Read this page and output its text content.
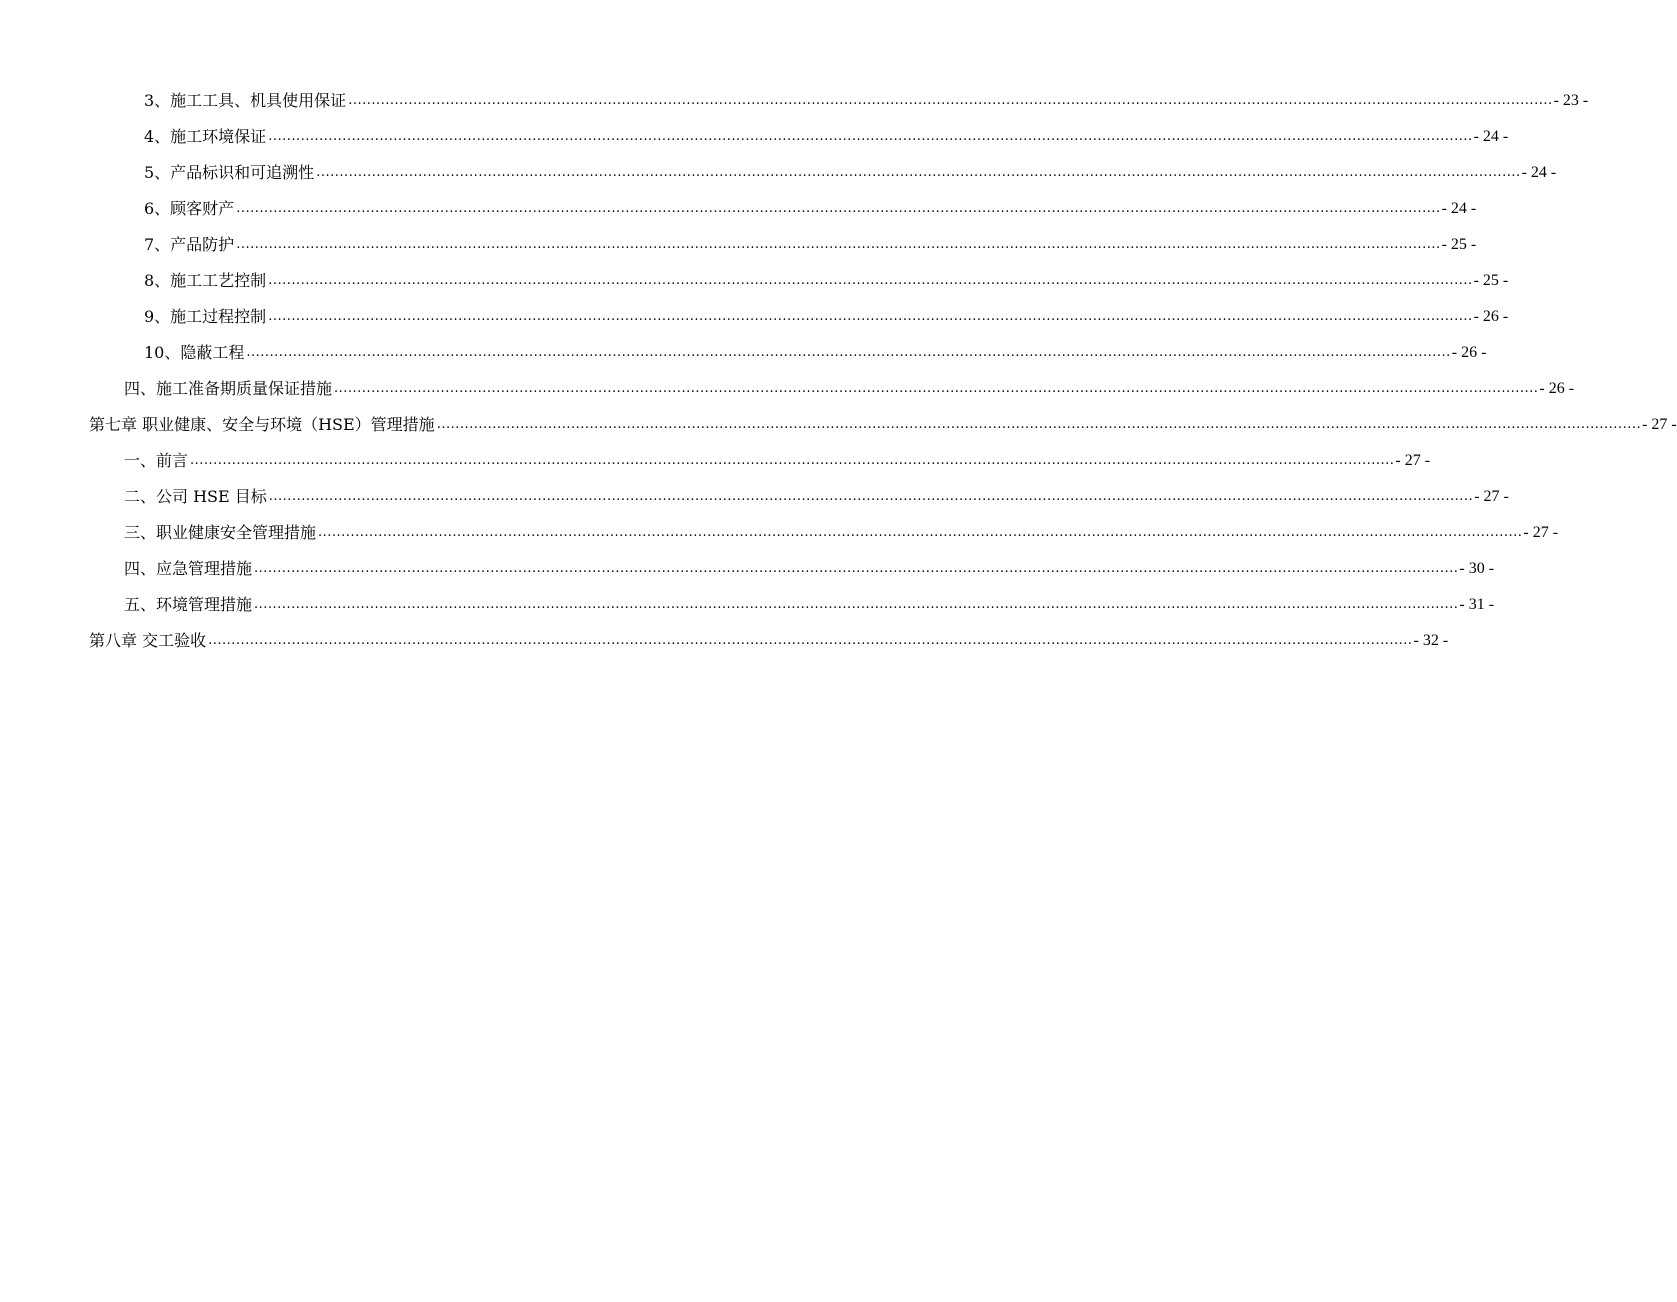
3、施工工具、机具使用保证 .................................................................................................................................................................................................................................................................... - 23 -
4、施工环境保证 .................................................................................................................................................................................................................................................................... - 24 -
5、产品标识和可追溯性 .................................................................................................................................................................................................................................................................... - 24 -
6、顾客财产 .................................................................................................................................................................................................................................................................... - 24 -
7、产品防护 .................................................................................................................................................................................................................................................................... - 25 -
8、施工工艺控制 .................................................................................................................................................................................................................................................................... - 25 -
9、施工过程控制 .................................................................................................................................................................................................................................................................... - 26 -
10、隐蔽工程 .................................................................................................................................................................................................................................................................... - 26 -
四、施工准备期质量保证措施 .................................................................................................................................................................................................................................................................... - 26 -
第七章 职业健康、安全与环境（HSE）管理措施 .................................................................................................................................................................................................................................................................... - 27 -
一、前言 .................................................................................................................................................................................................................................................................... - 27 -
二、公司 HSE 目标 .................................................................................................................................................................................................................................................................... - 27 -
三、职业健康安全管理措施 .................................................................................................................................................................................................................................................................... - 27 -
四、应急管理措施 .................................................................................................................................................................................................................................................................... - 30 -
五、环境管理措施 .................................................................................................................................................................................................................................................................... - 31 -
第八章 交工验收 .................................................................................................................................................................................................................................................................... - 32 -
